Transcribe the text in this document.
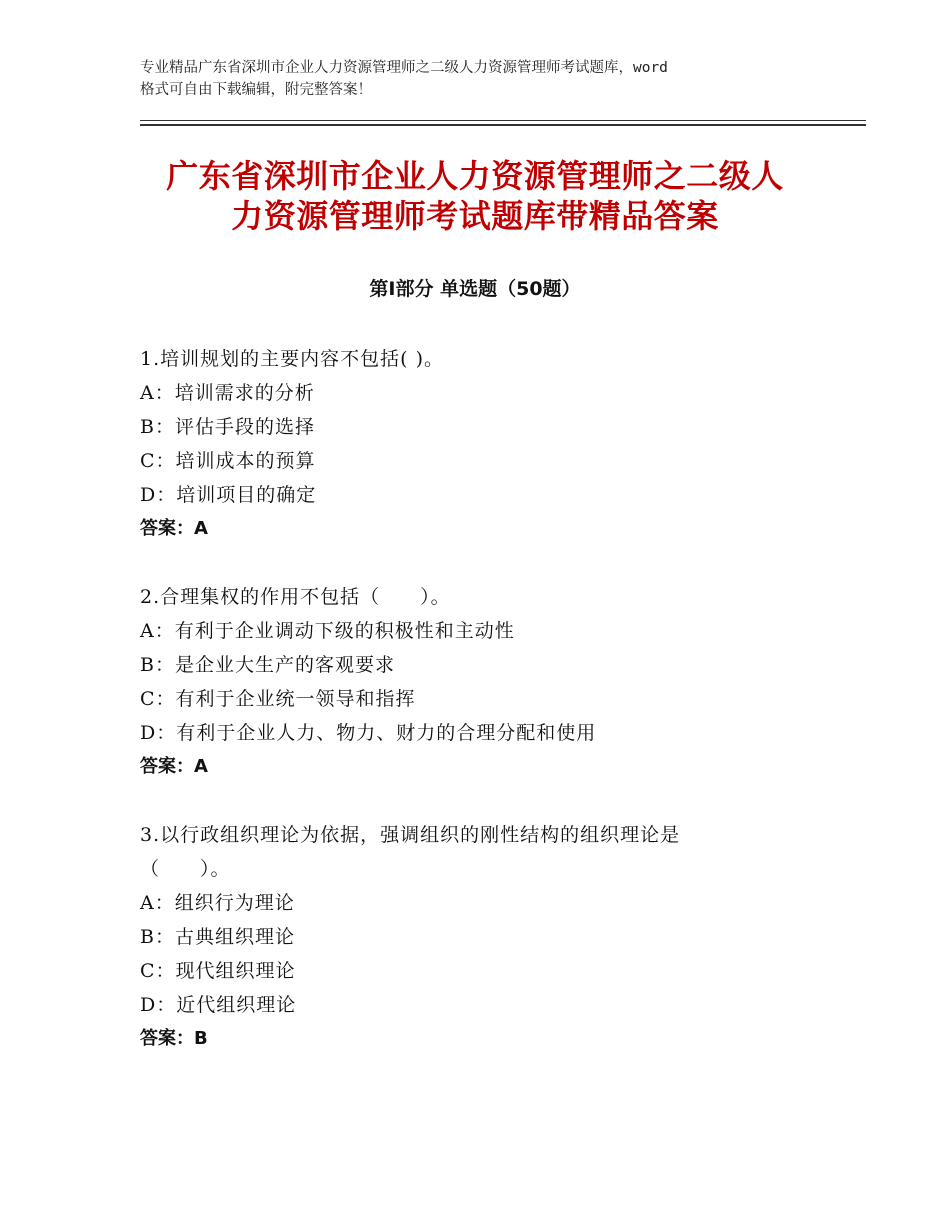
专业精品广东省深圳市企业人力资源管理师之二级人力资源管理师考试题库，word
格式可自由下载编辑，附完整答案！
广东省深圳市企业人力资源管理师之二级人
力资源管理师考试题库带精品答案
第Ⅰ部分 单选题（50题）
1.培训规划的主要内容不包括( )。
A：培训需求的分析
B：评估手段的选择
C：培训成本的预算
D：培训项目的确定
答案：A
2.合理集权的作用不包括（　　）。
A：有利于企业调动下级的积极性和主动性
B：是企业大生产的客观要求
C：有利于企业统一领导和指挥
D：有利于企业人力、物力、财力的合理分配和使用
答案：A
3.以行政组织理论为依据，强调组织的刚性结构的组织理论是
（　　）。
A：组织行为理论
B：古典组织理论
C：现代组织理论
D：近代组织理论
答案：B
